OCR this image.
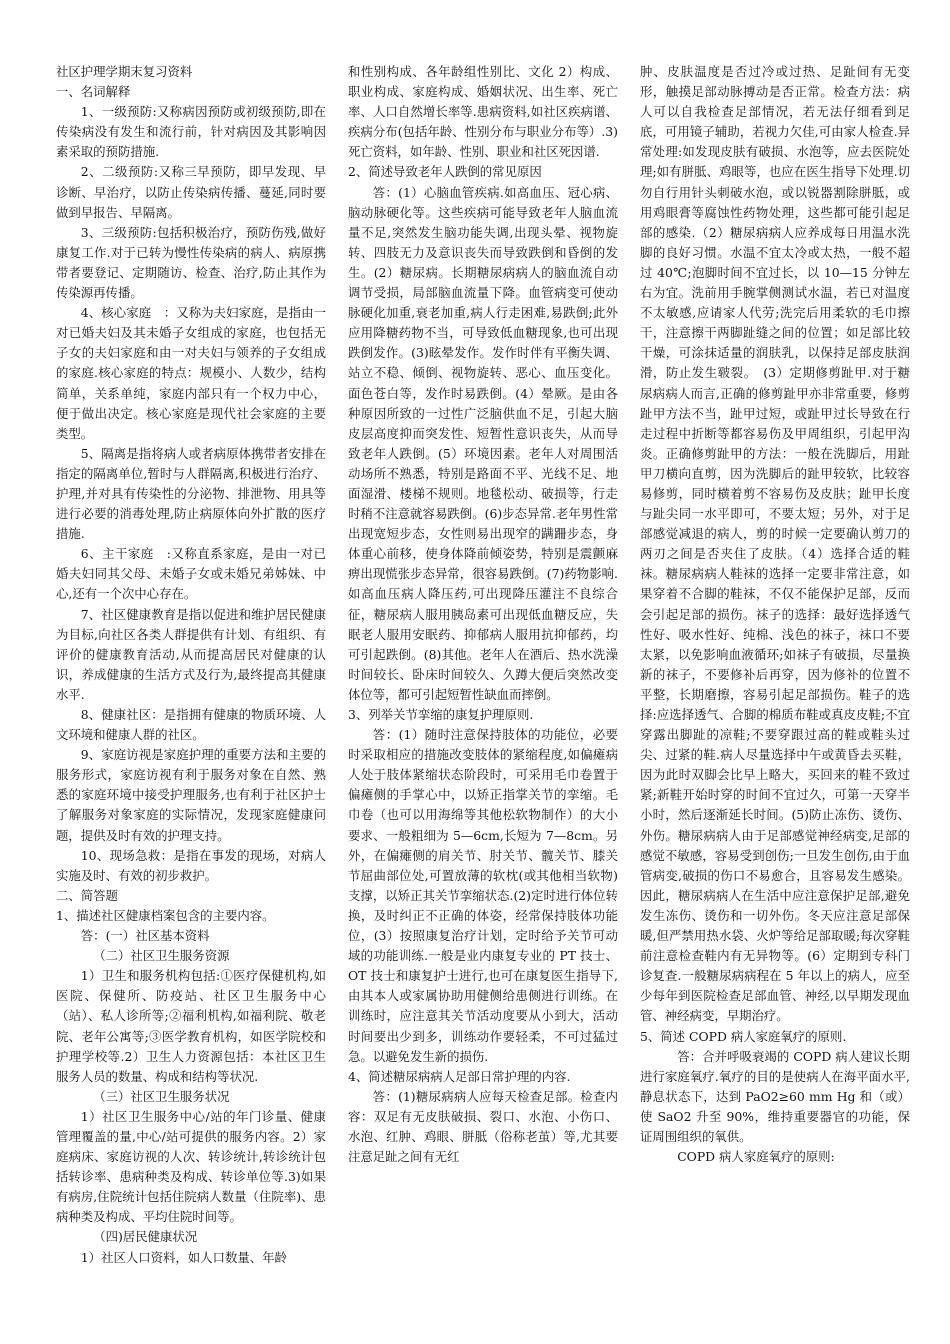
社区护理学期末复习资料

一、名词解释

1、一级预防:又称病因预防或初级预防,即在传染病没有发生和流行前，针对病因及其影响因素采取的预防措施.

2、二级预防:又称三早预防，即早发现、早诊断、早治疗，以防止传染病传播、蔓延,同时要做到早报告、早隔离。

3、三级预防:包括积极治疗，预防伤残,做好康复工作.对于已转为慢性传染病的病人、病原携带者要登记、定期随访、检查、治疗,防止其作为传染源再传播。

4、核心家庭　：又称为夫妇家庭，是指由一对已婚夫妇及其未婚子女组成的家庭，也包括无子女的夫妇家庭和由一对夫妇与领养的子女组成的家庭.核心家庭的特点：规模小、人数少，结构简单，关系单纯，家庭内部只有一个权力中心，便于做出决定。核心家庭是现代社会家庭的主要类型。

5、隔离是指将病人或者病原体携带者安排在指定的隔离单位,暂时与人群隔离,积极进行治疗、护理,并对具有传染性的分泌物、排泄物、用具等进行必要的消毒处理,防止病原体向外扩散的医疗措施.

6、主干家庭　:又称直系家庭，是由一对已婚夫妇同其父母、未婚子女或未婚兄弟姊妹、中心,还有一个次中心存在。

7、社区健康教育是指以促进和维护居民健康为目标,向社区各类人群提供有计划、有组织、有评价的健康教育活动,从而提高居民对健康的认识，养成健康的生活方式及行为,最终提高其健康水平.

8、健康社区：是指拥有健康的物质环境、人文环境和健康人群的社区。

9、家庭访视是家庭护理的重要方法和主要的服务形式，家庭访视有利于服务对象在自然、熟悉的家庭环境中接受护理服务,也有利于社区护士了解服务对象家庭的实际情况，发现家庭健康问题，提供及时有效的护理支持。

10、现场急救：是指在事发的现场，对病人实施及时、有效的初步救护。

二、简答题

1、描述社区健康档案包含的主要内容。

答：(一）社区基本资料

（二）社区卫生服务资源

1）卫生和服务机构包括:①医疗保健机构,如医院、保健所、防疫站、社区卫生服务中心（站）、私人诊所等;②福利机构,如福利院、敬老院、老年公寓等;③医学教育机构，如医学院校和护理学校等.2）卫生人力资源包括：本社区卫生服务人员的数量、构成和结构等状况.

（三）社区卫生服务状况

1）社区卫生服务中心/站的年门诊量、健康管理覆盖的量,中心/站可提供的服务内容。2）家庭病床、家庭访视的人次、转诊统计,转诊统计包括转诊率、患病种类及构成、转诊单位等.3)如果有病房,住院统计包括住院病人数量（住院率)、患病种类及构成、平均住院时间等。

（四)居民健康状况

1）社区人口资料，如人口数量、年龄

和性别构成、各年龄组性别比、文化 2）构成、职业构成、家庭构成、婚姻状况、出生率、死亡率、人口自然增长率等.患病资料,如社区疾病谱、疾病分布(包括年龄、性别分布与职业分布等）.3)死亡资料，如年龄、性别、职业和社区死因谱.

2、简述导致老年人跌倒的常见原因

答：(1）心脑血管疾病.如高血压、冠心病、脑动脉硬化等。这些疾病可能导致老年人脑血流量不足,突然发生脑功能失调,出现头晕、视物旋转、四肢无力及意识丧失而导致跌倒和昏倒的发生。(2）糖尿病。长期糖尿病病人的脑血流自动调节受损，局部脑血流量下降。血管病变可使动脉硬化加重,衰老加重,病人行走困难,易跌倒;此外应用降糖药物不当，可导致低血糖现象,也可出现跌倒发作。(3)眩晕发作。发作时伴有平衡失调、站立不稳、倾倒、视物旋转、恶心、血压变化。面色苍白等，发作时易跌倒。(4）晕厥。是由各种原因所致的一过性广泛脑供血不足，引起大脑皮层高度抑而突发性、短暂性意识丧失，从而导致老年人跌倒。(5）环境因素。老年人对周围活动场所不熟悉，特别是路面不平、光线不足、地面湿滑、楼梯不规则。地毯松动、破损等，行走时稍不注意就容易跌倒。(6)步态异常.老年男性常出现宽短步态，女性则易出现窄的蹒跚步态，身体重心前移，使身体降前倾姿势，特别是震颤麻痹出现慌张步态异常，很容易跌倒。(7)药物影响.如高血压病人降压药,可出现降压灌注不良综合征，糖尿病人服用胰岛素可出现低血糖反应，失眠老人服用安眠药、抑郁病人服用抗抑郁药，均可引起跌倒。(8)其他。老年人在酒后、热水洗澡时间较长、卧床时间较久、久蹲大便后突然改变体位等，都可引起短暂性缺血而摔倒。

3、列举关节挛缩的康复护理原则.

答：(1）随时注意保持肢体的功能位，必要时采取相应的措施改变肢体的紧缩程度,如偏瘫病人处于肢体紧缩状态阶段时，可采用毛巾卷置于偏瘫侧的手掌心中，以矫正指掌关节的挛缩。毛巾卷（也可以用海绵等其他松软物制作）的大小要求、一般粗细为 5—6cm,长短为 7—8cm。另外，在偏瘫侧的肩关节、肘关节、髋关节、膝关节屈曲部位处,可置放薄的软枕(或其他相当软物)支撑，以矫正其关节挛缩状态.(2)定时进行体位转换，及时纠正不正确的体姿，经常保持肢体功能位，(3）按照康复治疗计划，定时给予关节可动域的功能训练.一般是业内康复专业的 PT 技士、OT 技士和康复护士进行,也可在康复医生指导下,由其本人或家属协助用健侧给患侧进行训练。在训练时，应注意其关节活动度要从小到大，活动时间要出少到多，训练动作要轻柔，不可过猛过急。以避免发生新的损伤.

4、简述糖尿病病人足部日常护理的内容.

答：(1)糖尿病病人应每天检查足部。检查内容：双足有无皮肤破损、裂口、水泡、小伤口、水泡、红肿、鸡眼、胼胝（俗称老茧）等,尤其要注意足趾之间有无红

肿、皮肤温度是否过冷或过热、足趾间有无变形，触摸足部动脉搏动是否正常。检查方法：病人可以自我检查足部情况，若无法仔细看到足底，可用镜子辅助，若视力欠佳,可由家人检查.异常处理:如发现皮肤有破损、水泡等，应去医院处理;如有胼胝、鸡眼等，也应在医生指导下处理.切勿自行用针头刺破水泡，或以锐器割除胼胝，或用鸡眼膏等腐蚀性药物处理，这些都可能引起足部的感染.（2）糖尿病病人应养成每日用温水洗脚的良好习惯。水温不宜太冷或太热，一般不超过 40℃;泡脚时间不宜过长，以 10—15 分钟左右为宜。洗前用手腕掌侧测试水温，若已对温度不太敏感,应请家人代劳;洗完后用柔软的毛巾擦干，注意擦干两脚趾缝之间的位置；如足部比较干燥，可涂抹适量的润肤乳，以保持足部皮肤润滑，防止发生皲裂。　(3）定期修剪趾甲.对于糖尿病病人而言,正确的修剪趾甲亦非常重要，修剪趾甲方法不当，趾甲过短，或趾甲过长导致在行走过程中折断等都容易伤及甲周组织，引起甲沟炎。正确修剪趾甲的方法：一般在洗脚后，用趾甲刀横向直剪，因为洗脚后的趾甲较软，比较容易修剪，同时横着剪不容易伤及皮肤；趾甲长度与趾尖同一水平即可，不要太短；另外，对于足部感觉减退的病人，剪的时候一定要确认剪刀的两刃之间是否夹住了皮肤。（4）选择合适的鞋袜。糖尿病病人鞋袜的选择一定要非常注意，如果穿着不合脚的鞋袜，不仅不能保护足部，反而会引起足部的损伤。袜子的选择：最好选择透气性好、吸水性好、纯棉、浅色的袜子，袜口不要太紧，以免影响血液循环;如袜子有破损，尽量换新的袜子，不要修补后再穿，因为修补的位置不平整，长期磨擦，容易引起足部损伤。鞋子的选择:应选择透气、合脚的棉质布鞋或真皮皮鞋;不宜穿露出脚趾的凉鞋;不要穿跟过高的鞋或鞋头过尖、过紧的鞋.病人尽量选择中午或黄昏去买鞋，因为此时双脚会比早上略大，买回来的鞋不致过紧;新鞋开始时穿的时间不宜过久，可第一天穿半小时，然后逐渐延长时间。(5)防止冻伤、烫伤、外伤。糖尿病病人由于足部感觉神经病变,足部的感觉不敏感，容易受到创伤;一旦发生创伤,由于血管病变,破损的伤口不易愈合，且容易发生感染。因此，糖尿病病人在生活中应注意保护足部,避免发生冻伤、烫伤和一切外伤。冬天应注意足部保暖,但严禁用热水袋、火炉等给足部取暖;每次穿鞋前注意检查鞋内有无异物等。(6）定期到专科门诊复查.一般糖尿病病程在 5 年以上的病人，应至少每年到医院检查足部血管、神经,以早期发现血管、神经病变，早期治疗。

5、简述 COPD 病人家庭氧疗的原则.

答：合并呼吸衰竭的 COPD 病人建议长期进行家庭氧疗.氧疗的目的是使病人在海平面水平,静息状态下，达到 PaO2≥60 mm Hg 和（或）使 SaO2 升至 90%，维持重要器官的功能，保证周围组织的氧供。

COPD 病人家庭氧疗的原则:
